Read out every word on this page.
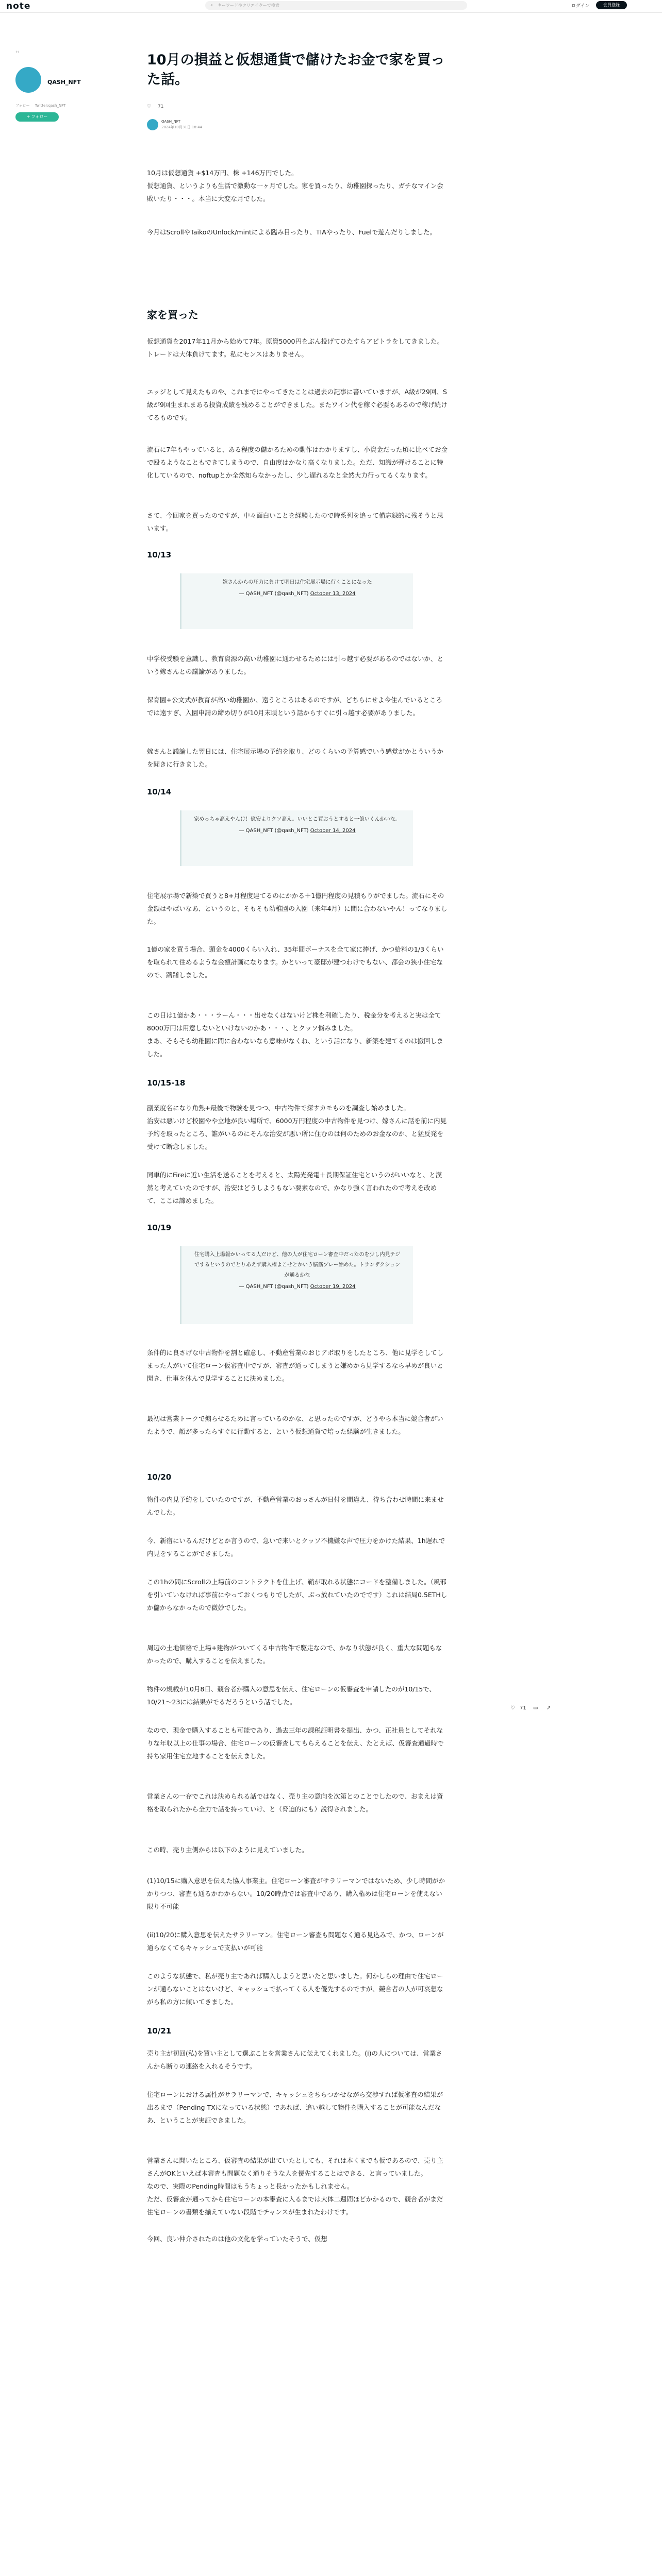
note	⌕ キーワードやクリエイターで検索	ログイン	会員登録
‹‹
QASH_NFT
フォロー Twitter:qash_NFT
+ フォロー
10月の損益と仮想通貨で儲けたお金で家を買った話。
♡ 71
QASH_NFT
2024年10月31日 18:44

10月は仮想通貨 +$14万円、株 +146万円でした。
仮想通貨、というよりも生活で激動な一ヶ月でした。家を買ったり、幼稚園探ったり、ガチなマイン会敗いたり・・・。本当に大変な月でした。

今月はScrollやTaikoのUnlock/mintによる臨み目ったり、TIAやったり、Fuelで遊んだりしました。

家を買った

仮想通貨を2017年11月から始めて7年。原資5000円をぶん投げてひたすらアビトラをしてきました。トレードは大体負けてます。私にセンスはありません。

エッジとして見えたものや、これまでにやってきたことは過去の記事に書いていますが、A級が29回、S級が9回生まれまある投資成績を残めることができました。またワイン代を稼ぐ必要もあるので稼げ続けてるものです。

流石に7年もやっていると、ある程度の儲かるための動作はわかりますし、小資金だった頃に比べてお金で殴るようなこともできてしまうので、自由度はかなり高くなりました。ただ、知識が弾けることに特化しているので、noftupとか全然知らなかったし、少し遅れるなと全然大力行ってるくなります。

さて、今回家を買ったのですが、中々面白いことを経験したので時系列を追って備忘録的に残そうと思います。

10/13
嫁さんからの圧力に負けて明日は住宅展示場に行くことになった
— QASH_NFT (@qash_NFT) October 13, 2024

中学校受験を意識し、教育資源の高い幼稚園に通わせるためには引っ越す必要があるのではないか、という嫁さんとの議論がありました。

保育園+公文式が教育が高い幼稚園か、遠うところはあるのですが、どちらにせよ今住んでいるところでは遠すぎ、入園申請の締め切りが10月末頃という話からすぐに引っ越す必要がありました。

嫁さんと議論した翌日には、住宅展示場の予約を取り、どのくらいの予算感でいう感覚がかとういうかを聞きに行きました。

10/14
家めっちゃ高えやんけ！億安よりクソ高え。いいとこ買おうとすると一億いくんかいな。
— QASH_NFT (@qash_NFT) October 14, 2024

住宅展示場で新築で買うと8+月程度建てるのにかかる＋1億円程度の見積もりがでました。流石にその金額はやばいなあ、というのと、そもそも幼稚園の入園（来年4月）に間に合わないやん！ってなりました。

1億の家を買う場合、頭金を4000くらい入れ、35年間ボーナスを全て家に捧げ、かつ給料の1/3くらいを取られて住めるような金額計画になります。かといって豪邸が建つわけでもない、都会の狭小住宅なので、躊躇しました。

この日は1億かあ・・・ラーん・・・出せなくはないけど株を利確したり、税金分を考えると実は全て8000万円は用意しないといけないのかあ・・・、とクッソ悩みました。
まあ、そもそも幼稚園に間に合わないなら意味がなくね、という話になり、新築を建てるのは撤回しました。

10/15-18

副業度名になり角熱+最後で物験を見つつ、中古物件で探すカモものを調査し始めました。
治安は悪いけど校園やや立地が良い場所で、6000万円程度の中古物件を見つけ、嫁さんに話を前に内見予約を取ったところ、誰がいるのにそんな治安が悪い所に住むのは何のためのお金なのか、と猛反発を受けて断念しました。

同単的にFireに近い生活を送ることを考えると、太陽光発電＋長期保証住宅というのがいいなと、と漠然と考えていたのですが、治安はどうしようもない要素なので、かなり強く言われたので考えを改めて、ここは諦めました。

10/19
住宅購入上場報かいってる人だけど、他の人が住宅ローン審査中だったのを少し内見テジでするというのでとりあえず購入権よこせとかいう脳筋プレー始めた。トランザクションが通るかな
— QASH_NFT (@qash_NFT) October 19, 2024

条件的に良さげな中古物件を割と確意し、不動産営業のおじアポ取りをしたところ、他に見学をしてしまった人がいて住宅ローン仮審査中ですが、審査が通ってしまうと嫌めから見学するなら早めが良いと聞き、仕事を休んで見学することに決めました。

最初は営業トークで煽らせるために言っているのかな、と思ったのですが、どうやら本当に競合者がいたようで、顔が多ったらすぐに行動すると、という仮想通貨で培った経験が生きました。

10/20

物件の内見予約をしていたのですが、不動産営業のおっさんが日付を間違え、待ち合わせ時間に来ませんでした。

今、新宿にいるんだけどとか言うので、急いで来いとクッソ不機嫌な声で圧力をかけた結果、1h遅れで内見をすることができました。

この1hの間にScrollの上場前のコントラクトを仕上げ、鞘が取れる状態にコードを整備しました。（風邪を引いていなければ事前にやっておくつもりでしたが、ぶっ放れていたのでです）これは結局0.5ETHしか儲からなかったので微妙でした。

周辺の土地価格で上場+建物がついてくる中古物件で駆走なので、かなり状態が良く、重大な問題もなかったので、購入することを伝えました。

物件の規載が10月8日、競合者が購入の意思を伝え、住宅ローンの仮審査を申請したのが10/15で、10/21～23には結果がでるだろうという話でした。

なので、現金で購入することも可能であり、過去三年の課税証明書を提出、かつ、正社員としてそれなりな年収以上の仕事の場合、住宅ローンの仮審査してもらえることを伝え、たとえば、仮審査通過時で持ち家用住宅立地することを伝えました。

営業さんの一存でこれは決められる話ではなく、売り主の意向を次第とのことでしたので、おまえは資格を取られたから全力で話を持っていけ、と（脅迫的にも）説得されました。

この時、売り主側からは以下のように見えていました。

(1)10/15に購入意思を伝えた協人事業主。住宅ローン審査がサラリーマンではないため、少し時間がかかりつつ、審査も通るかわからない。10/20時点では審査中であり、購入権めは住宅ローンを使えない限り不可能

(ii)10/20に購入意思を伝えたサラリーマン。住宅ローン審査も問題なく通る見込みで、かつ、ローンが通らなくてもキャッシュで支払いが可能

このような状態で、私が売り主であれば購入しようと思いたと思いました。何かしらの理由で住宅ローンが通らないことはないけど、キャッシュで払ってくる人を優先するのですが、競合者の人が可哀想ながら私の方に傾いてきました。

10/21

売り主が初回(私)を買い主として選ぶことを営業さんに伝えてくれました。(i)の人については、営業さんから断りの連絡を入れるそうです。

住宅ローンにおける属性がサラリーマンで、キャッシュをちらつかせながら交渉すれば仮審査の結果が出るまで（Pending TXになっている状態）であれば、追い越して物件を購入することが可能なんだなあ、ということが実証できました。

営業さんに聞いたところ、仮審査の結果が出ていたとしても、それは本くまでも仮であるので、売り主さんがOKといえば本審査も問題なく通りそうな人を優先することはできる、と言っていました。
なので、実際のPending時間はもうちょっと長かったかもしれません。
ただ、仮審査が通ってから住宅ローンの本審査に入るまでは大体二週間ほどかかるので、競合者がまだ住宅ローンの書類を揃えていない段階でチャンスが生まれたわけです。

今回、良い仲介されたのは他の文化を学っていたそうで、仮想

♡ 71 ▭ ↗
